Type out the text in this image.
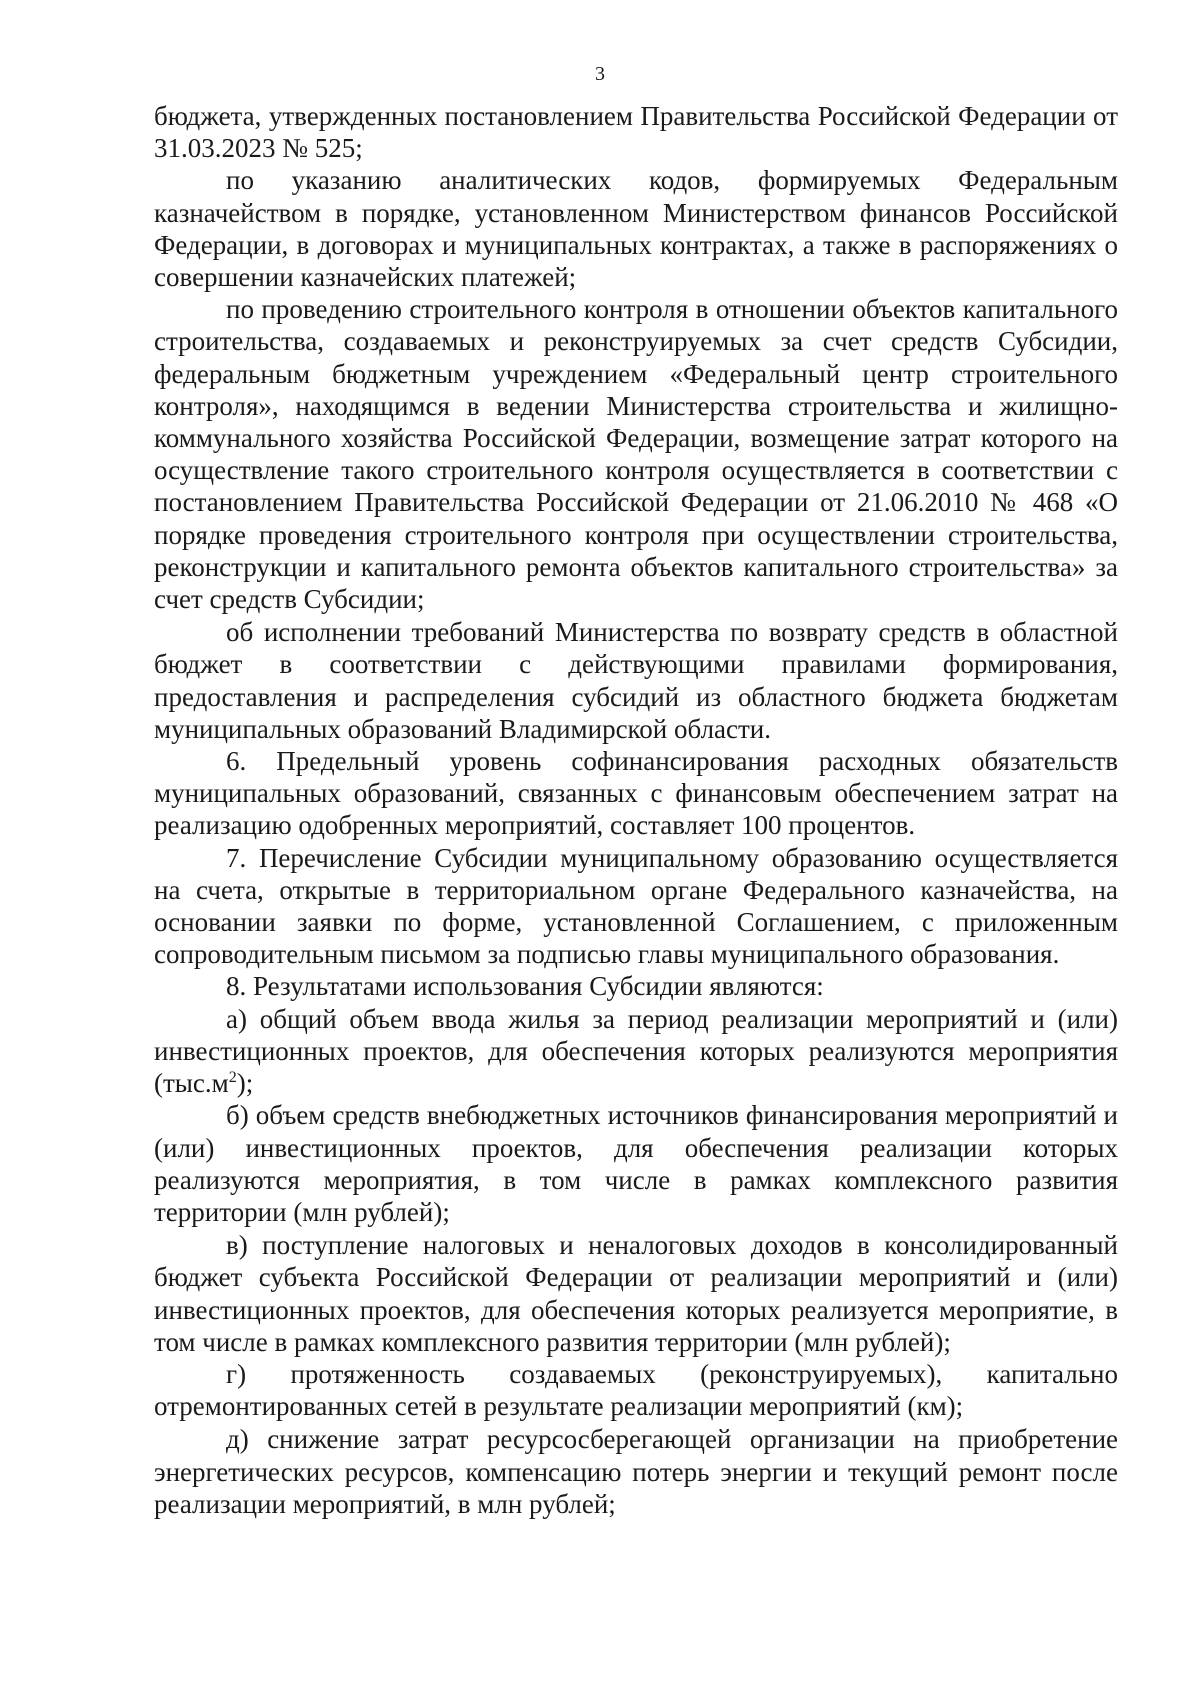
3

бюджета, утвержденных постановлением Правительства Российской Федерации от 31.03.2023 № 525;

по указанию аналитических кодов, формируемых Федеральным казначейством в порядке, установленном Министерством финансов Российской Федерации, в договорах и муниципальных контрактах, а также в распоряжениях о совершении казначейских платежей;

по проведению строительного контроля в отношении объектов капитального строительства, создаваемых и реконструируемых за счет средств Субсидии, федеральным бюджетным учреждением «Федеральный центр строительного контроля», находящимся в ведении Министерства строительства и жилищно-коммунального хозяйства Российской Федерации, возмещение затрат которого на осуществление такого строительного контроля осуществляется в соответствии с постановлением Правительства Российской Федерации от 21.06.2010 № 468 «О порядке проведения строительного контроля при осуществлении строительства, реконструкции и капитального ремонта объектов капитального строительства» за счет средств Субсидии;

об исполнении требований Министерства по возврату средств в областной бюджет в соответствии с действующими правилами формирования, предоставления и распределения субсидий из областного бюджета бюджетам муниципальных образований Владимирской области.

6. Предельный уровень софинансирования расходных обязательств муниципальных образований, связанных с финансовым обеспечением затрат на реализацию одобренных мероприятий, составляет 100 процентов.

7. Перечисление Субсидии муниципальному образованию осуществляется на счета, открытые в территориальном органе Федерального казначейства, на основании заявки по форме, установленной Соглашением, с приложенным сопроводительным письмом за подписью главы муниципального образования.

8. Результатами использования Субсидии являются:

а) общий объем ввода жилья за период реализации мероприятий и (или) инвестиционных проектов, для обеспечения которых реализуются мероприятия $(тыс.м^2)$;

б) объем средств внебюджетных источников финансирования мероприятий и (или) инвестиционных проектов, для обеспечения реализации которых реализуются мероприятия, в том числе в рамках комплексного развития территории (млн рублей);

в) поступление налоговых и неналоговых доходов в консолидированный бюджет субъекта Российской Федерации от реализации мероприятий и (или) инвестиционных проектов, для обеспечения которых реализуется мероприятие, в том числе в рамках комплексного развития территории (млн рублей);

г) протяженность создаваемых (реконструируемых), капитально отремонтированных сетей в результате реализации мероприятий (км);

д) снижение затрат ресурсосберегающей организации на приобретение энергетических ресурсов, компенсацию потерь энергии и текущий ремонт после реализации мероприятий, в млн рублей;
